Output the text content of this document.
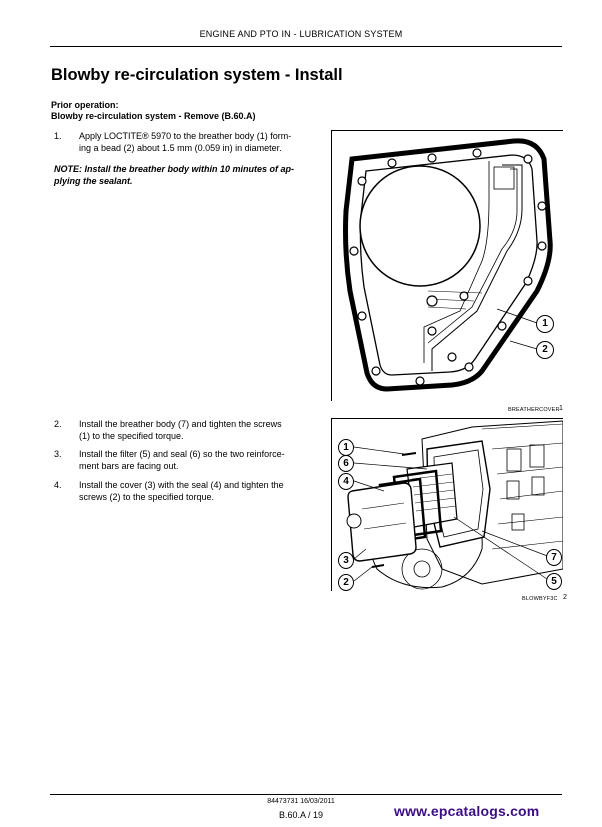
ENGINE AND PTO IN - LUBRICATION SYSTEM
Blowby re-circulation system - Install
Prior operation:
Blowby re-circulation system - Remove (B.60.A)
1. Apply LOCTITE® 5970 to the breather body (1) form-
ing a bead (2) about 1.5 mm (0.059 in) in diameter.
NOTE: Install the breather body within 10 minutes of ap-
plying the sealant.
1
2
BREATHERCOVER 1
2. Install the breather body (7) and tighten the screws
(1) to the specified torque.
3. Install the filter (5) and seal (6) so the two reinforce-
ment bars are facing out.
4. Install the cover (3) with the seal (4) and tighten the
screws (2) to the specified torque.
1
6
4
3
2
7
5
BLOWBYF3C 2
84473731 16/03/2011
B.60.A / 19	www.epcatalogs.com
